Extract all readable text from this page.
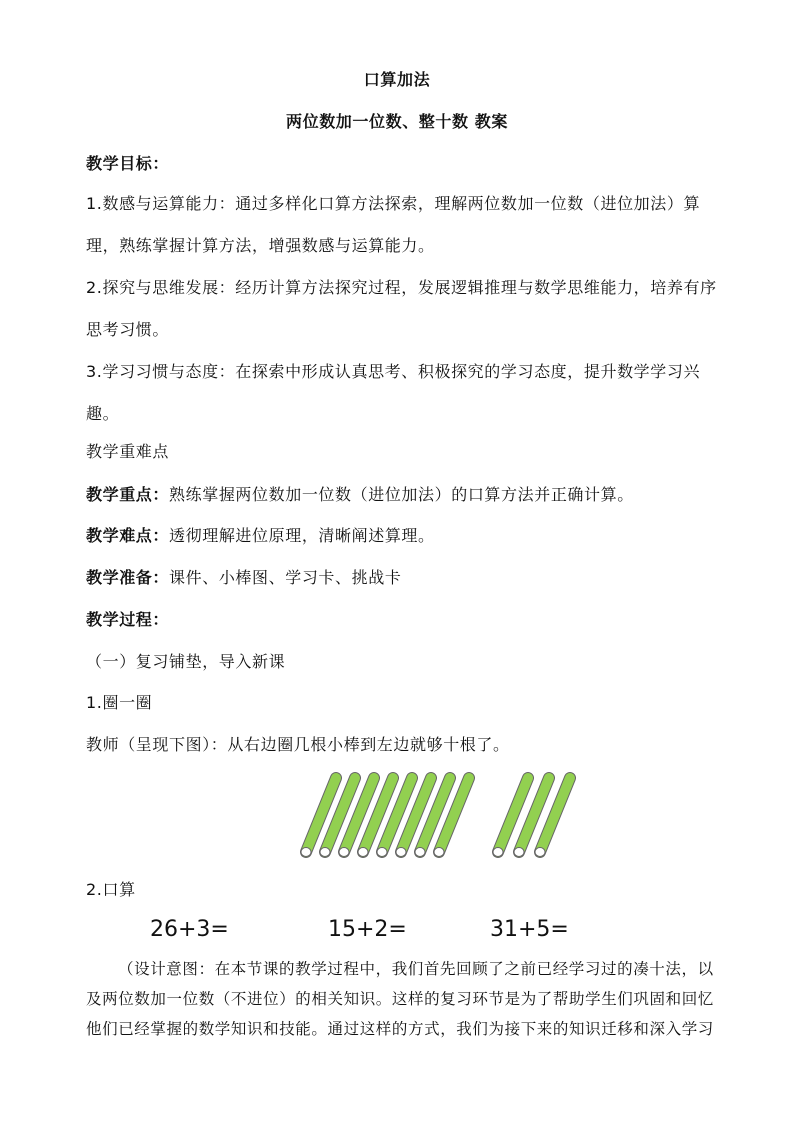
口算加法
两位数加一位数、整十数 教案
教学目标：
1.数感与运算能力：通过多样化口算方法探索，理解两位数加一位数（进位加法）算理，熟练掌握计算方法，增强数感与运算能力。
2.探究与思维发展：经历计算方法探究过程，发展逻辑推理与数学思维能力，培养有序思考习惯。
3.学习习惯与态度：在探索中形成认真思考、积极探究的学习态度，提升数学学习兴趣。
教学重难点
教学重点：熟练掌握两位数加一位数（进位加法）的口算方法并正确计算。
教学难点：透彻理解进位原理，清晰阐述算理。
教学准备：课件、小棒图、学习卡、挑战卡
教学过程：
（一）复习铺垫，导入新课
1.圈一圈
教师（呈现下图）：从右边圈几根小棒到左边就够十根了。
2.口算
26+3=	15+2=	31+5=
（设计意图：在本节课的教学过程中，我们首先回顾了之前已经学习过的凑十法，以及两位数加一位数（不进位）的相关知识。这样的复习环节是为了帮助学生们巩固和回忆他们已经掌握的数学知识和技能。通过这样的方式，我们为接下来的知识迁移和深入学习
